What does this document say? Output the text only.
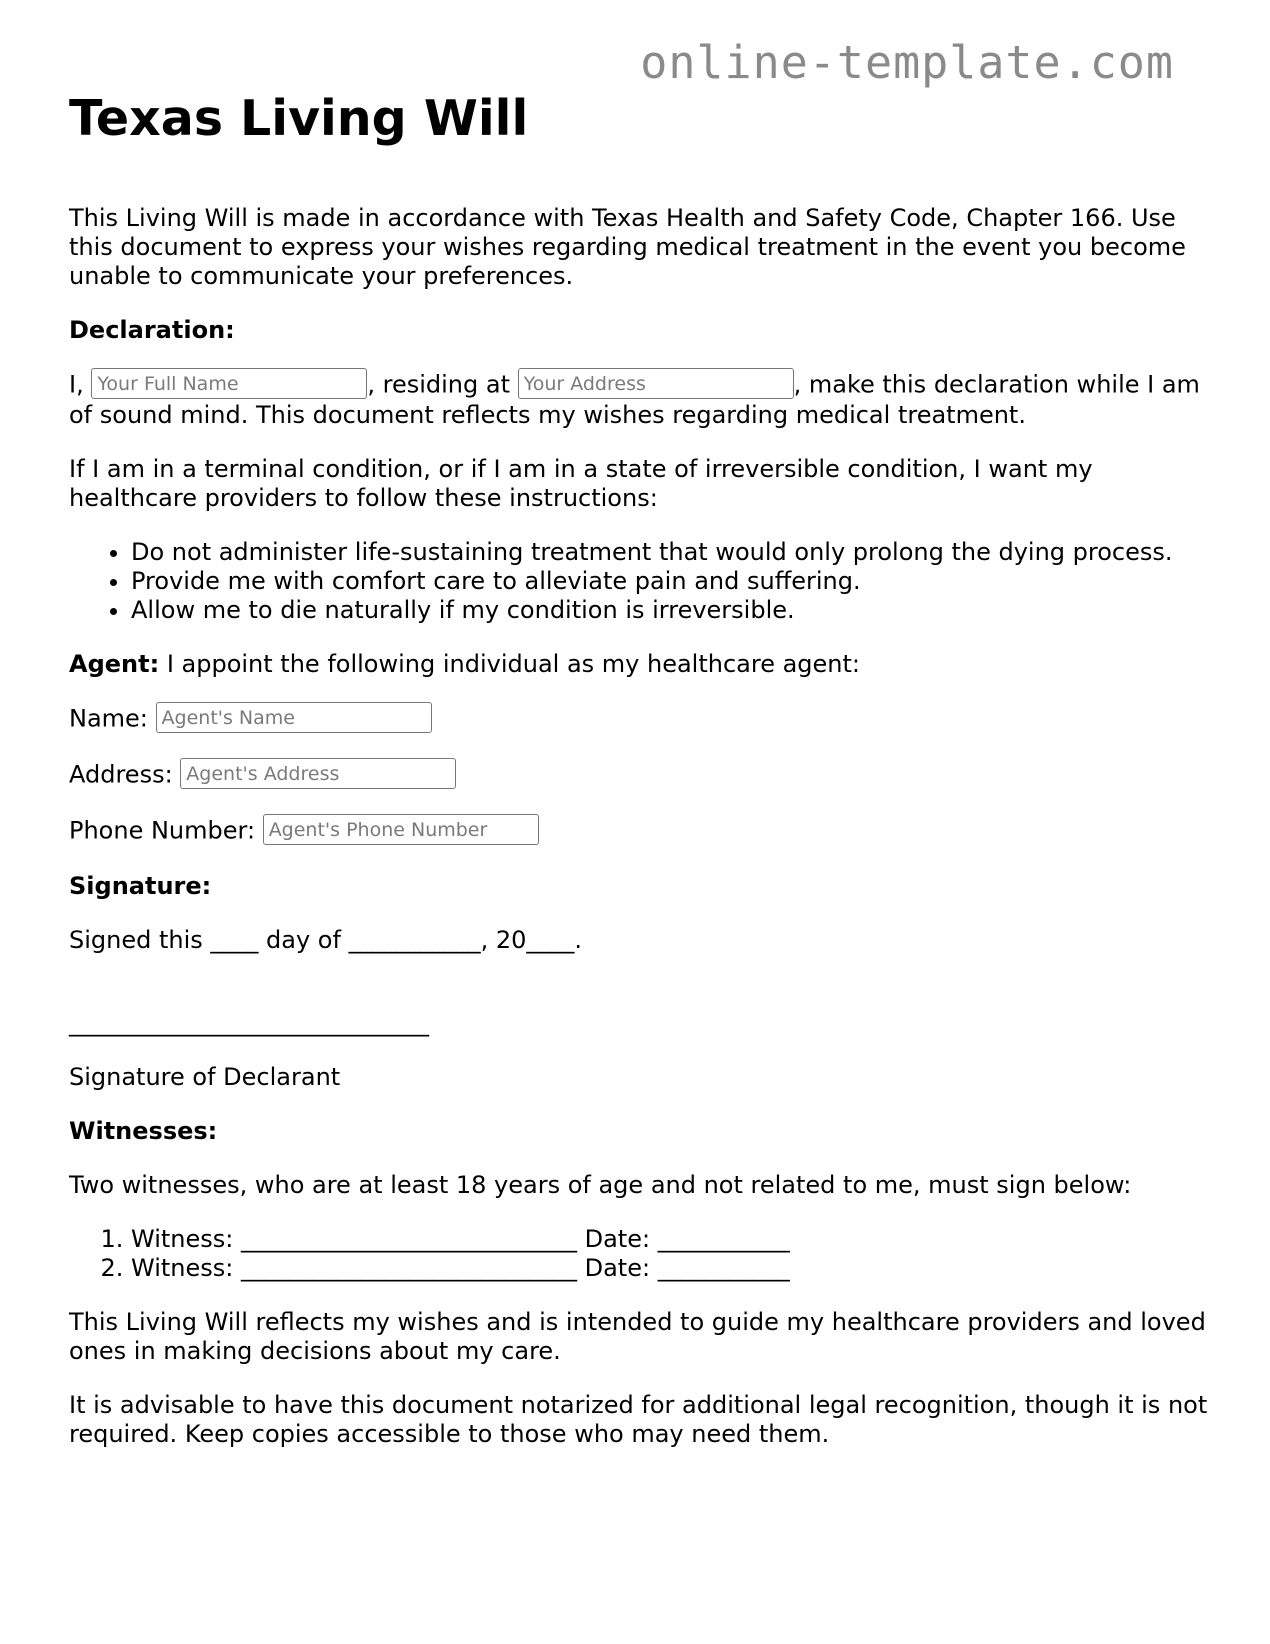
online-template.com
Texas Living Will

This Living Will is made in accordance with Texas Health and Safety Code, Chapter 166. Use this document to express your wishes regarding medical treatment in the event you become unable to communicate your preferences.

Declaration:

I, Your Full Name	, residing at Your Address	, make this declaration while I am of sound mind. This document reflects my wishes regarding medical treatment.

If I am in a terminal condition, or if I am in a state of irreversible condition, I want my healthcare providers to follow these instructions:

• Do not administer life-sustaining treatment that would only prolong the dying process.
• Provide me with comfort care to alleviate pain and suffering.
• Allow me to die naturally if my condition is irreversible.

Agent: I appoint the following individual as my healthcare agent:

Name: Agent's Name

Address: Agent's Address

Phone Number: Agent's Phone Number

Signature:

Signed this ____ day of ___________, 20____.

______________________________

Signature of Declarant

Witnesses:

Two witnesses, who are at least 18 years of age and not related to me, must sign below:

1. Witness: ____________________________ Date: ___________
2. Witness: ____________________________ Date: ___________

This Living Will reflects my wishes and is intended to guide my healthcare providers and loved ones in making decisions about my care.

It is advisable to have this document notarized for additional legal recognition, though it is not required. Keep copies accessible to those who may need them.
